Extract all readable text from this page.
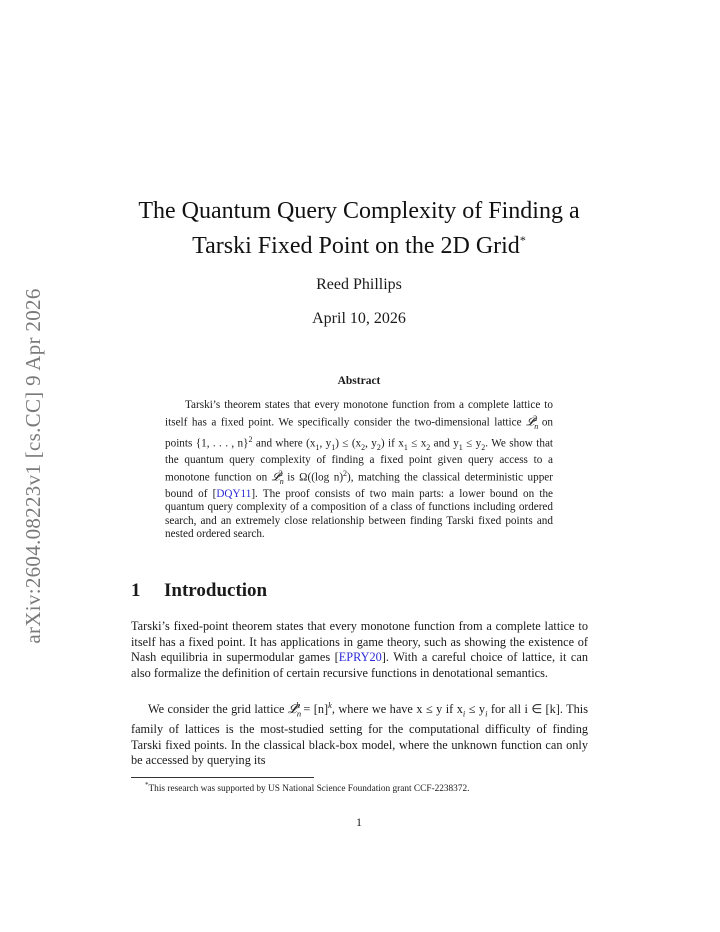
arXiv:2604.08223v1 [cs.CC] 9 Apr 2026
The Quantum Query Complexity of Finding a
Tarski Fixed Point on the 2D Grid*
Reed Phillips
April 10, 2026
Abstract
Tarski’s theorem states that every monotone function from a complete lattice to itself has a fixed point. We specifically consider the two-dimensional lattice 𝓛$_n^2$ on points {1, . . . , n}$^2$ and where ($x_1$, $y_1) \le (x_2$, $y_2$) if $x_1 \le x_2$ and $y_1 \le y_2$. We show that the quantum query complexity of finding a fixed point given query access to a monotone function on 𝓛$_n^2$ is Ω((log n)$^2$), matching the classical deterministic upper bound of [DQY11]. The proof consists of two main parts: a lower bound on the quantum query complexity of a composition of a class of functions including ordered search, and an extremely close relationship between finding Tarski fixed points and nested ordered search.
1 Introduction
Tarski’s fixed-point theorem states that every monotone function from a complete lattice to itself has a fixed point. It has applications in game theory, such as showing the existence of Nash equilibria in supermodular games [EPRY20]. With a careful choice of lattice, it can also formalize the definition of certain recursive functions in denotational semantics.
We consider the grid lattice 𝓛$_n^k$ = $[n]^k$, where we have x ≤ y if $x_i \le y_i$ for all i ∈ [k]. This family of lattices is the most-studied setting for the computational difficulty of finding Tarski fixed points. In the classical black-box model, where the unknown function can only be accessed by querying its
*This research was supported by US National Science Foundation grant CCF-2238372.
1
